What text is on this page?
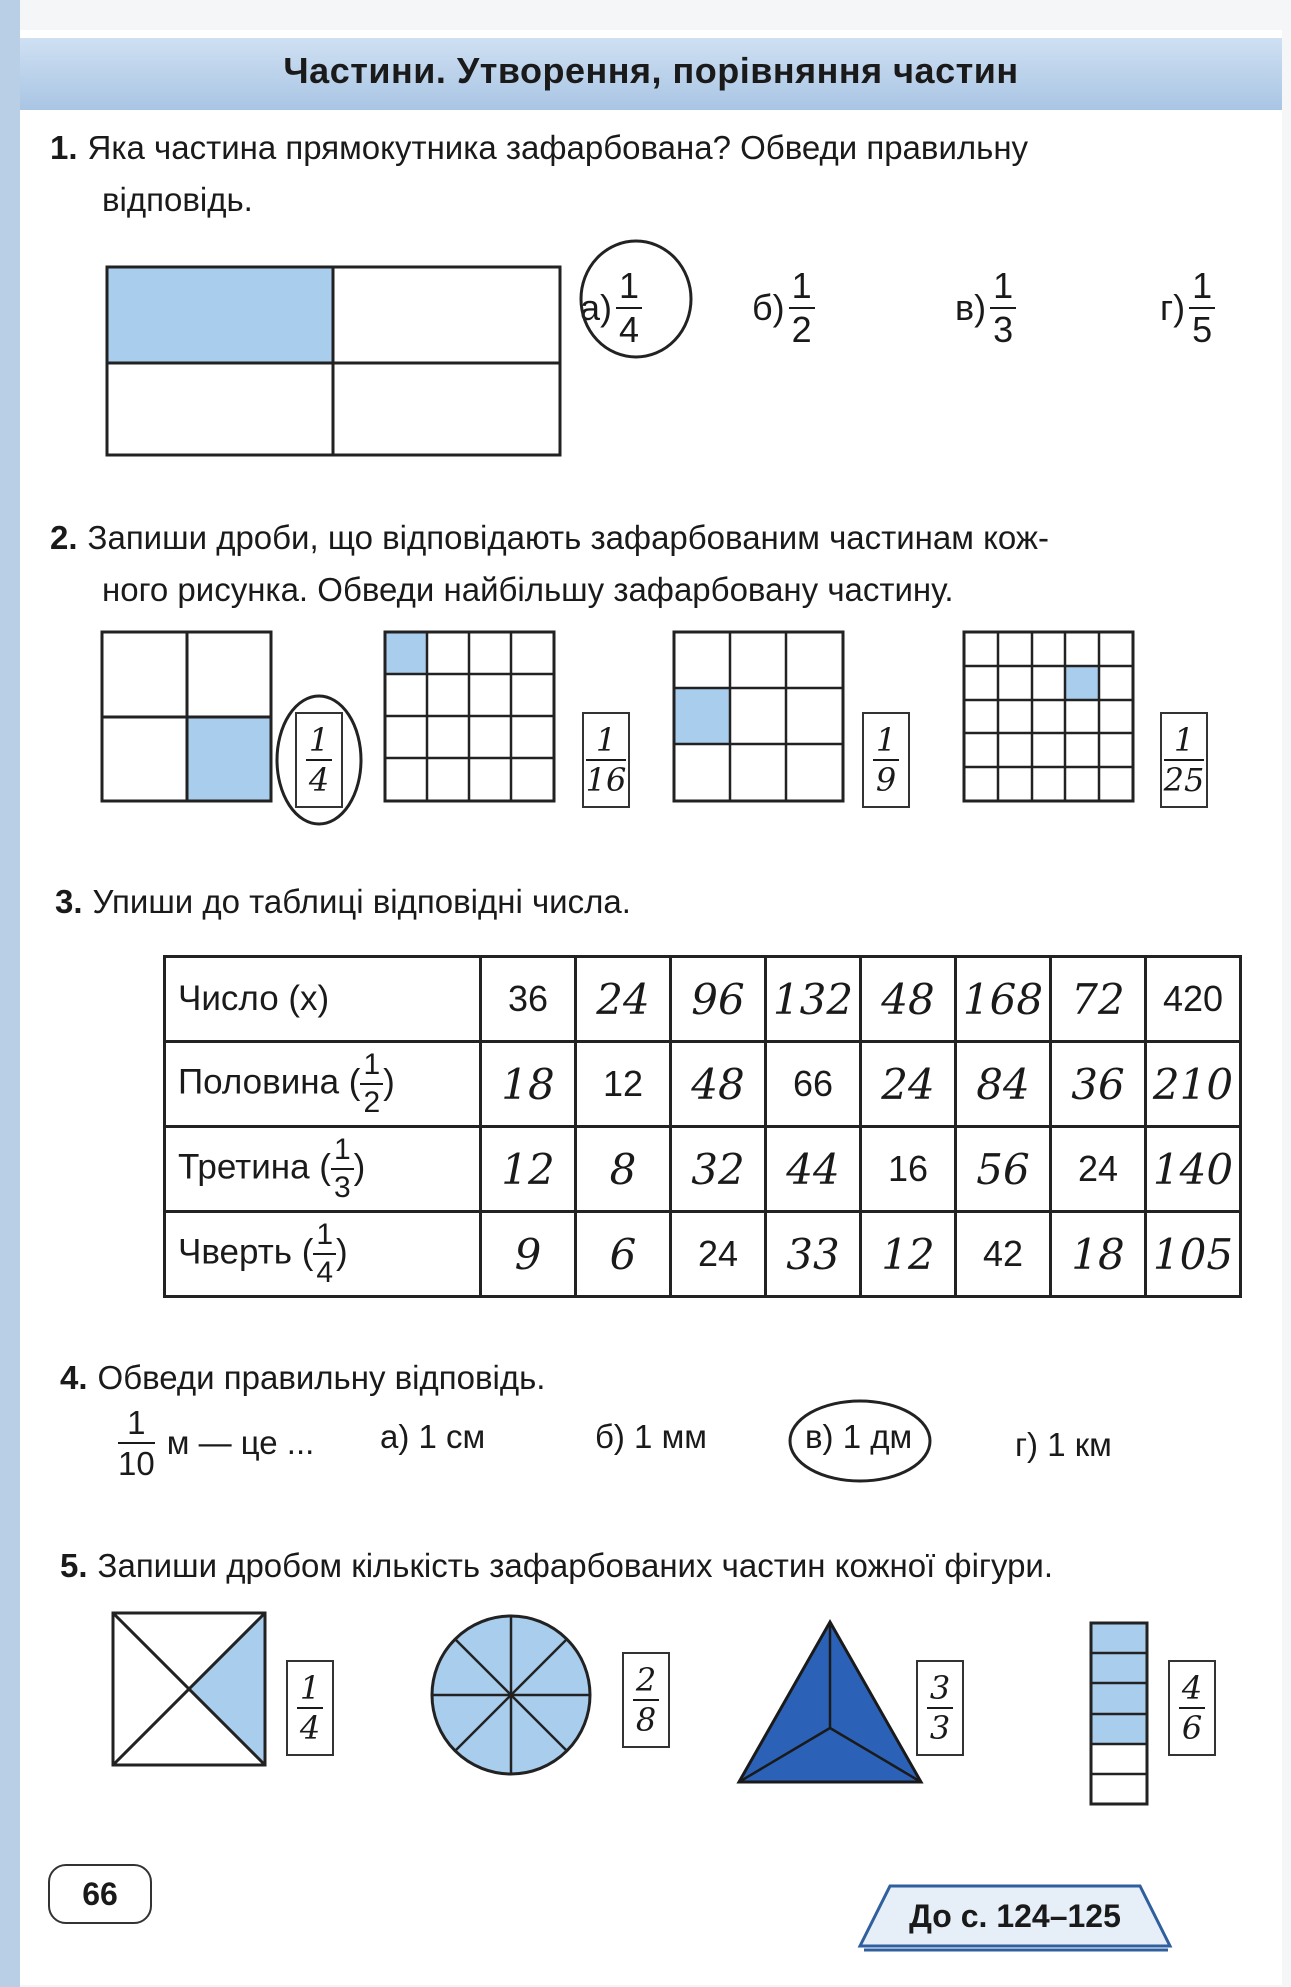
Частини. Утворення, порівняння частин
1. Яка частина прямокутника зафарбована? Обведи правильну
відповідь.
$а) \frac{1}{4}$	$б) \frac{1}{2}$	$в) \frac{1}{3}$	$г) \frac{1}{5}$
2. Запиши дроби, що відповідають зафарбованим частинам кож-
ного рисунка. Обведи найбільшу зафарбовану частину.
$\frac{1}{4}$	$\frac{1}{16}$	$\frac{1}{9}$	$\frac{1}{25}$
3. Упиши до таблиці відповідні числа.
Число (x)	36	24	96	132	48	168	72	420
Половина ( $\frac{1}{2}$ )	18	12	48	66	24	84	36	210
Третина ( $\frac{1}{3}$ )	12	8	32	44	16	56	24	140
Чверть ( $\frac{1}{4}$ )	9	6	24	33	12	42	18	105
4. Обведи правильну відповідь.
$\frac{1}{10}$ м — це ... а) 1 см	б) 1 мм	в) 1 дм	г) 1 км
5. Запиши дробом кількість зафарбованих частин кожної фігури.
$\frac{1}{4}$	$\frac{2}{8}$	$\frac{3}{3}$	$\frac{4}{6}$
66
До с. 124–125
